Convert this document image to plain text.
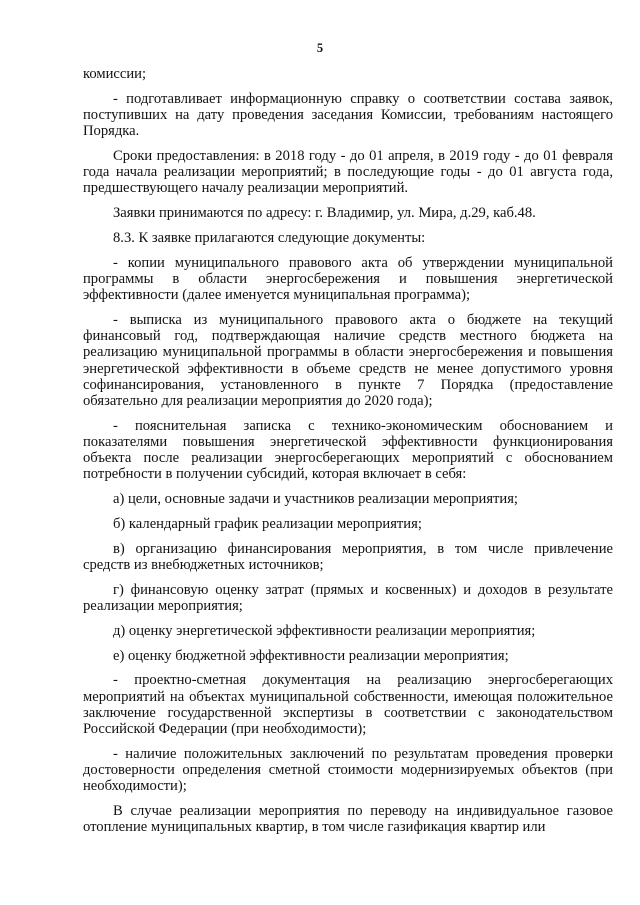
5

комиссии;

- подготавливает информационную справку о соответствии состава заявок, поступивших на дату проведения заседания Комиссии, требованиям настоящего Порядка.

Сроки предоставления: в 2018 году - до 01 апреля, в 2019 году - до 01 февраля года начала реализации мероприятий; в последующие годы - до 01 августа года, предшествующего началу реализации мероприятий.

Заявки принимаются по адресу: г. Владимир, ул. Мира, д.29, каб.48.

8.3. К заявке прилагаются следующие документы:

- копии муниципального правового акта об утверждении муниципальной программы в области энергосбережения и повышения энергетической эффективности (далее именуется муниципальная программа);

- выписка из муниципального правового акта о бюджете на текущий финансовый год, подтверждающая наличие средств местного бюджета на реализацию муниципальной программы в области энергосбережения и повышения энергетической эффективности в объеме средств не менее допустимого уровня софинансирования, установленного в пункте 7 Порядка (предоставление обязательно для реализации мероприятия до 2020 года);

- пояснительная записка с технико-экономическим обоснованием и показателями повышения энергетической эффективности функционирования объекта после реализации энергосберегающих мероприятий с обоснованием потребности в получении субсидий, которая включает в себя:

а) цели, основные задачи и участников реализации мероприятия;

б) календарный график реализации мероприятия;

в) организацию финансирования мероприятия, в том числе привлечение средств из внебюджетных источников;

г) финансовую оценку затрат (прямых и косвенных) и доходов в результате реализации мероприятия;

д) оценку энергетической эффективности реализации мероприятия;

е) оценку бюджетной эффективности реализации мероприятия;

- проектно-сметная документация на реализацию энергосберегающих мероприятий на объектах муниципальной собственности, имеющая положительное заключение государственной экспертизы в соответствии с законодательством Российской Федерации (при необходимости);

- наличие положительных заключений по результатам проведения проверки достоверности определения сметной стоимости модернизируемых объектов (при необходимости);

В случае реализации мероприятия по переводу на индивидуальное газовое отопление муниципальных квартир, в том числе газификация квартир или
